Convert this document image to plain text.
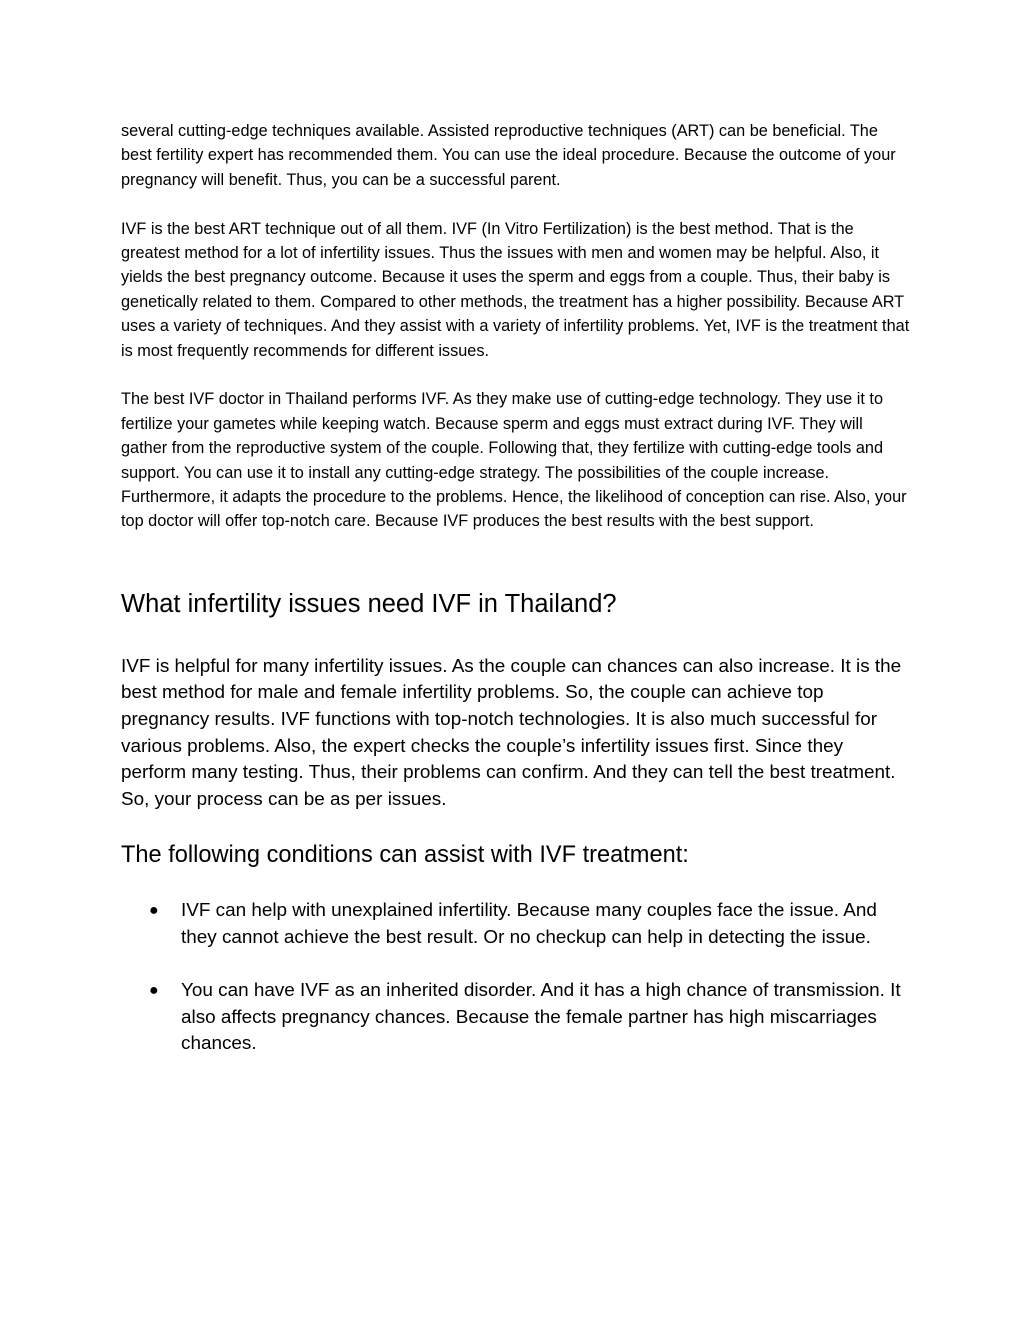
several cutting-edge techniques available. Assisted reproductive techniques (ART) can be beneficial. The best fertility expert has recommended them. You can use the ideal procedure. Because the outcome of your pregnancy will benefit. Thus, you can be a successful parent.

IVF is the best ART technique out of all them. IVF (In Vitro Fertilization) is the best method. That is the greatest method for a lot of infertility issues. Thus the issues with men and women may be helpful. Also, it yields the best pregnancy outcome. Because it uses the sperm and eggs from a couple. Thus, their baby is genetically related to them. Compared to other methods, the treatment has a higher possibility. Because ART uses a variety of techniques. And they assist with a variety of infertility problems. Yet, IVF is the treatment that is most frequently recommends for different issues.

The best IVF doctor in Thailand performs IVF. As they make use of cutting-edge technology. They use it to fertilize your gametes while keeping watch. Because sperm and eggs must extract during IVF. They will gather from the reproductive system of the couple. Following that, they fertilize with cutting-edge tools and support. You can use it to install any cutting-edge strategy. The possibilities of the couple increase. Furthermore, it adapts the procedure to the problems. Hence, the likelihood of conception can rise. Also, your top doctor will offer top-notch care. Because IVF produces the best results with the best support.

What infertility issues need IVF in Thailand?

IVF is helpful for many infertility issues. As the couple can chances can also increase. It is the best method for male and female infertility problems. So, the couple can achieve top pregnancy results. IVF functions with top-notch technologies. It is also much successful for various problems. Also, the expert checks the couple’s infertility issues first. Since they perform many testing. Thus, their problems can confirm. And they can tell the best treatment. So, your process can be as per issues.

The following conditions can assist with IVF treatment:
● IVF can help with unexplained infertility. Because many couples face the issue. And they cannot achieve the best result. Or no checkup can help in detecting the issue.
● You can have IVF as an inherited disorder. And it has a high chance of transmission. It also affects pregnancy chances. Because the female partner has high miscarriages chances.
